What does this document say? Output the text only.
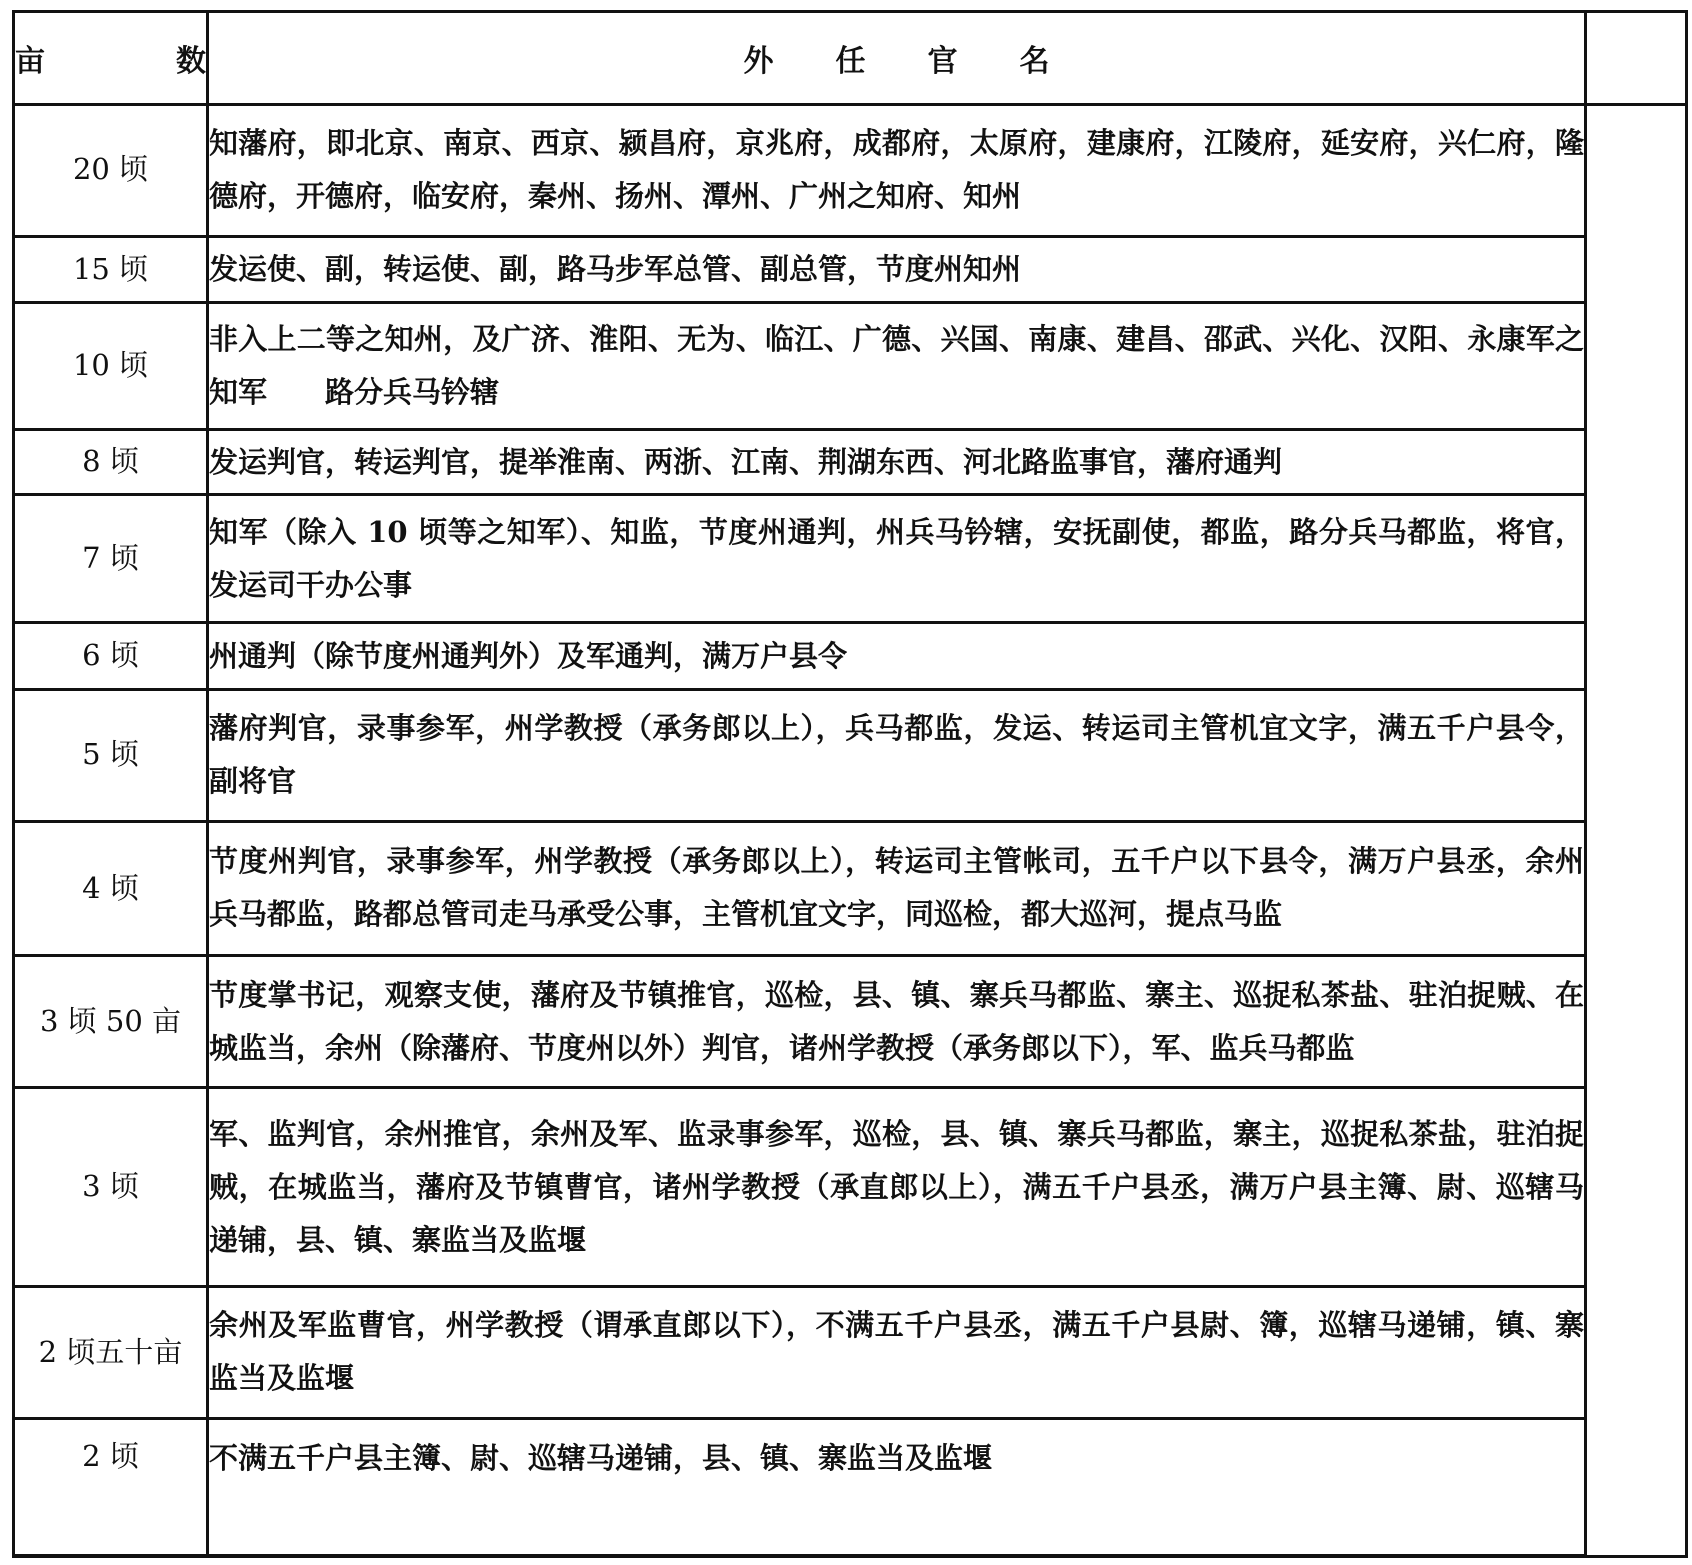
亩 数	外任官名	
20 顷	知藩府，即北京、南京、西京、颍昌府，京兆府，成都府，太原府，建康府，江陵府，延安府，兴仁府，隆德府，开德府，临安府，秦州、扬州、潭州、广州之知府、知州	
15 顷	发运使、副，转运使、副，路马步军总管、副总管，节度州知州	
10 顷	非入上二等之知州，及广济、淮阳、无为、临江、广德、兴国、南康、建昌、邵武、兴化、汉阳、永康军之知军　　路分兵马钤辖	
8 顷	发运判官，转运判官，提举淮南、两浙、江南、荆湖东西、河北路监事官，藩府通判	
7 顷	知军（除入 10 顷等之知军）、知监，节度州通判，州兵马钤辖，安抚副使，都监，路分兵马都监，将官，发运司干办公事	
6 顷	州通判（除节度州通判外）及军通判，满万户县令	
5 顷	藩府判官，录事参军，州学教授（承务郎以上），兵马都监，发运、转运司主管机宜文字，满五千户县令，副将官	
4 顷	节度州判官，录事参军，州学教授（承务郎以上），转运司主管帐司，五千户以下县令，满万户县丞，余州兵马都监，路都总管司走马承受公事，主管机宜文字，同巡检，都大巡河，提点马监	
3 顷 50 亩	节度掌书记，观察支使，藩府及节镇推官，巡检，县、镇、寨兵马都监、寨主、巡捉私茶盐、驻泊捉贼、在城监当，余州（除藩府、节度州以外）判官，诸州学教授（承务郎以下），军、监兵马都监	
3 顷	军、监判官，余州推官，余州及军、监录事参军，巡检，县、镇、寨兵马都监，寨主，巡捉私茶盐，驻泊捉贼，在城监当，藩府及节镇曹官，诸州学教授（承直郎以上），满五千户县丞，满万户县主簿、尉、巡辖马递铺，县、镇、寨监当及监堰	
2 顷五十亩	余州及军监曹官，州学教授（谓承直郎以下），不满五千户县丞，满五千户县尉、簿，巡辖马递铺，镇、寨监当及监堰	
2 顷	不满五千户县主簿、尉、巡辖马递铺，县、镇、寨监当及监堰	
